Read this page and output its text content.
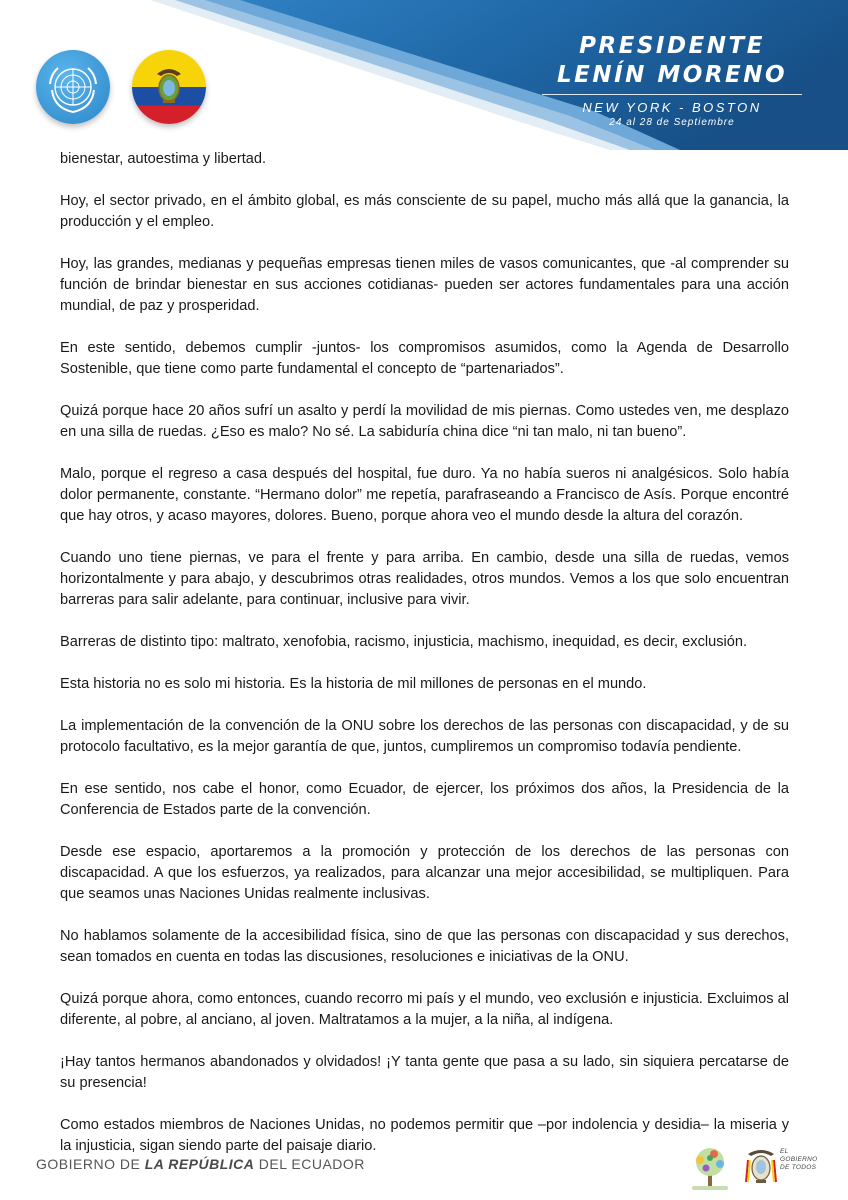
PRESIDENTE
LENÍN MORENO
NEW YORK - BOSTON
24 al 28 de Septiembre

bienestar, autoestima y libertad.

Hoy, el sector privado, en el ámbito global, es más consciente de su papel, mucho más allá que la ganancia, la producción y el empleo.

Hoy, las grandes, medianas y pequeñas empresas tienen miles de vasos comunicantes, que -al comprender su función de brindar bienestar en sus acciones cotidianas- pueden ser actores fundamentales para una acción mundial, de paz y prosperidad.

En este sentido, debemos cumplir -juntos- los compromisos asumidos, como la Agenda de Desarrollo Sostenible, que tiene como parte fundamental el concepto de “partenariados”.

Quizá porque hace 20 años sufrí un asalto y perdí la movilidad de mis piernas. Como ustedes ven, me desplazo en una silla de ruedas. ¿Eso es malo? No sé. La sabiduría china dice “ni tan malo, ni tan bueno”.

Malo, porque el regreso a casa después del hospital, fue duro. Ya no había sueros ni analgésicos. Solo había dolor permanente, constante. “Hermano dolor” me repetía, parafraseando a Francisco de Asís. Porque encontré que hay otros, y acaso mayores, dolores. Bueno, porque ahora veo el mundo desde la altura del corazón.

Cuando uno tiene piernas, ve para el frente y para arriba. En cambio, desde una silla de ruedas, vemos horizontalmente y para abajo, y descubrimos otras realidades, otros mundos. Vemos a los que solo encuentran barreras para salir adelante, para continuar, inclusive para vivir.

Barreras de distinto tipo: maltrato, xenofobia, racismo, injusticia, machismo, inequidad, es decir, exclusión.

Esta historia no es solo mi historia. Es la historia de mil millones de personas en el mundo.

La implementación de la convención de la ONU sobre los derechos de las personas con discapacidad, y de su protocolo facultativo, es la mejor garantía de que, juntos, cumpliremos un compromiso todavía pendiente.

En ese sentido, nos cabe el honor, como Ecuador, de ejercer, los próximos dos años, la Presidencia de la Conferencia de Estados parte de la convención.

Desde ese espacio, aportaremos a la promoción y protección de los derechos de las personas con discapacidad. A que los esfuerzos, ya realizados, para alcanzar una mejor accesibilidad, se multipliquen. Para que seamos unas Naciones Unidas realmente inclusivas.

No hablamos solamente de la accesibilidad física, sino de que las personas con discapacidad y sus derechos, sean tomados en cuenta en todas las discusiones, resoluciones e iniciativas de la ONU.

Quizá porque ahora, como entonces, cuando recorro mi país y el mundo, veo exclusión e injusticia. Excluimos al diferente, al pobre, al anciano, al joven. Maltratamos a la mujer, a la niña, al indígena.

¡Hay tantos hermanos abandonados y olvidados! ¡Y tanta gente que pasa a su lado, sin siquiera percatarse de su presencia!

Como estados miembros de Naciones Unidas, no podemos permitir que –por indolencia y desidia– la miseria y la injusticia, sigan siendo parte del paisaje diario.

GOBIERNO DE LA REPÚBLICA DEL ECUADOR
EL
GOBIERNO
DE TODOS
